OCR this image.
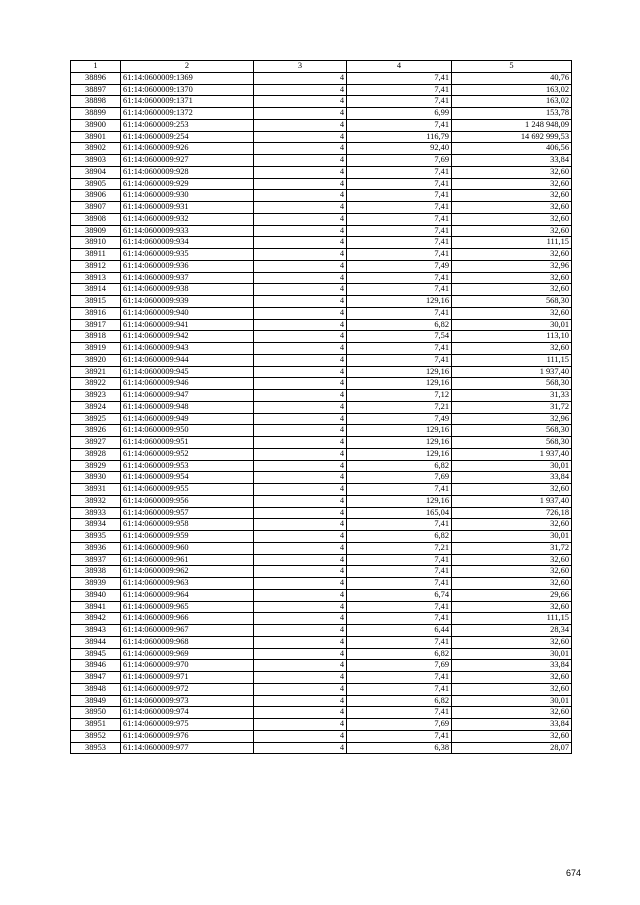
1	2	3	4	5
38896	61:14:0600009:1369	4	7,41	40,76
38897	61:14:0600009:1370	4	7,41	163,02
38898	61:14:0600009:1371	4	7,41	163,02
38899	61:14:0600009:1372	4	6,99	153,78
38900	61:14:0600009:253	4	7,41	1 248 948,09
38901	61:14:0600009:254	4	116,79	14 692 999,53
38902	61:14:0600009:926	4	92,40	406,56
38903	61:14:0600009:927	4	7,69	33,84
38904	61:14:0600009:928	4	7,41	32,60
38905	61:14:0600009:929	4	7,41	32,60
38906	61:14:0600009:930	4	7,41	32,60
38907	61:14:0600009:931	4	7,41	32,60
38908	61:14:0600009:932	4	7,41	32,60
38909	61:14:0600009:933	4	7,41	32,60
38910	61:14:0600009:934	4	7,41	111,15
38911	61:14:0600009:935	4	7,41	32,60
38912	61:14:0600009:936	4	7,49	32,96
38913	61:14:0600009:937	4	7,41	32,60
38914	61:14:0600009:938	4	7,41	32,60
38915	61:14:0600009:939	4	129,16	568,30
38916	61:14:0600009:940	4	7,41	32,60
38917	61:14:0600009:941	4	6,82	30,01
38918	61:14:0600009:942	4	7,54	113,10
38919	61:14:0600009:943	4	7,41	32,60
38920	61:14:0600009:944	4	7,41	111,15
38921	61:14:0600009:945	4	129,16	1 937,40
38922	61:14:0600009:946	4	129,16	568,30
38923	61:14:0600009:947	4	7,12	31,33
38924	61:14:0600009:948	4	7,21	31,72
38925	61:14:0600009:949	4	7,49	32,96
38926	61:14:0600009:950	4	129,16	568,30
38927	61:14:0600009:951	4	129,16	568,30
38928	61:14:0600009:952	4	129,16	1 937,40
38929	61:14:0600009:953	4	6,82	30,01
38930	61:14:0600009:954	4	7,69	33,84
38931	61:14:0600009:955	4	7,41	32,60
38932	61:14:0600009:956	4	129,16	1 937,40
38933	61:14:0600009:957	4	165,04	726,18
38934	61:14:0600009:958	4	7,41	32,60
38935	61:14:0600009:959	4	6,82	30,01
38936	61:14:0600009:960	4	7,21	31,72
38937	61:14:0600009:961	4	7,41	32,60
38938	61:14:0600009:962	4	7,41	32,60
38939	61:14:0600009:963	4	7,41	32,60
38940	61:14:0600009:964	4	6,74	29,66
38941	61:14:0600009:965	4	7,41	32,60
38942	61:14:0600009:966	4	7,41	111,15
38943	61:14:0600009:967	4	6,44	28,34
38944	61:14:0600009:968	4	7,41	32,60
38945	61:14:0600009:969	4	6,82	30,01
38946	61:14:0600009:970	4	7,69	33,84
38947	61:14:0600009:971	4	7,41	32,60
38948	61:14:0600009:972	4	7,41	32,60
38949	61:14:0600009:973	4	6,82	30,01
38950	61:14:0600009:974	4	7,41	32,60
38951	61:14:0600009:975	4	7,69	33,84
38952	61:14:0600009:976	4	7,41	32,60
38953	61:14:0600009:977	4	6,38	28,07
674
